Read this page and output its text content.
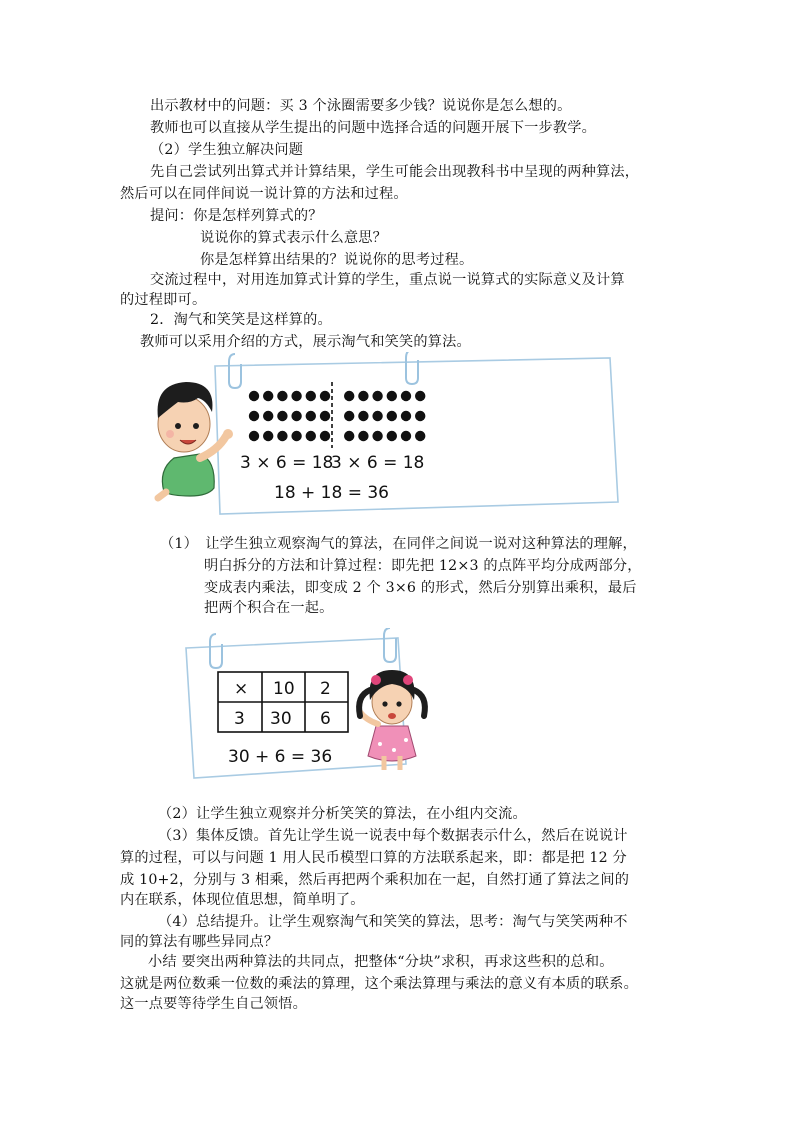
出示教材中的问题：买 3 个泳圈需要多少钱？说说你是怎么想的。
教师也可以直接从学生提出的问题中选择合适的问题开展下一步教学。
（2）学生独立解决问题
先自己尝试列出算式并计算结果，学生可能会出现教科书中呈现的两种算法，
然后可以在同伴间说一说计算的方法和过程。
提问：你是怎样列算式的？
说说你的算式表示什么意思？
你是怎样算出结果的？说说你的思考过程。
交流过程中，对用连加算式计算的学生，重点说一说算式的实际意义及计算
的过程即可。
2．淘气和笑笑是这样算的。
教师可以采用介绍的方式，展示淘气和笑笑的算法。
3 × 6 = 18
3 × 6 = 18
18 + 18 = 36
（1）　让学生独立观察淘气的算法，在同伴之间说一说对这种算法的理解，
明白拆分的方法和计算过程：即先把 12×3 的点阵平均分成两部分，
变成表内乘法，即变成 2 个 3×6 的形式，然后分别算出乘积，最后
把两个积合在一起。
× 10 2
3 30 6
30 + 6 = 36
（2）让学生独立观察并分析笑笑的算法，在小组内交流。
（3）集体反馈。首先让学生说一说表中每个数据表示什么，然后在说说计
算的过程，可以与问题 1 用人民币模型口算的方法联系起来，即：都是把 12 分
成 10+2，分别与 3 相乘，然后再把两个乘积加在一起，自然打通了算法之间的
内在联系，体现位值思想，简单明了。
（4）总结提升。让学生观察淘气和笑笑的算法，思考：淘气与笑笑两种不
同的算法有哪些异同点？
小结 要突出两种算法的共同点，把整体“分块”求积，再求这些积的总和。
这就是两位数乘一位数的乘法的算理，这个乘法算理与乘法的意义有本质的联系。
这一点要等待学生自己领悟。
